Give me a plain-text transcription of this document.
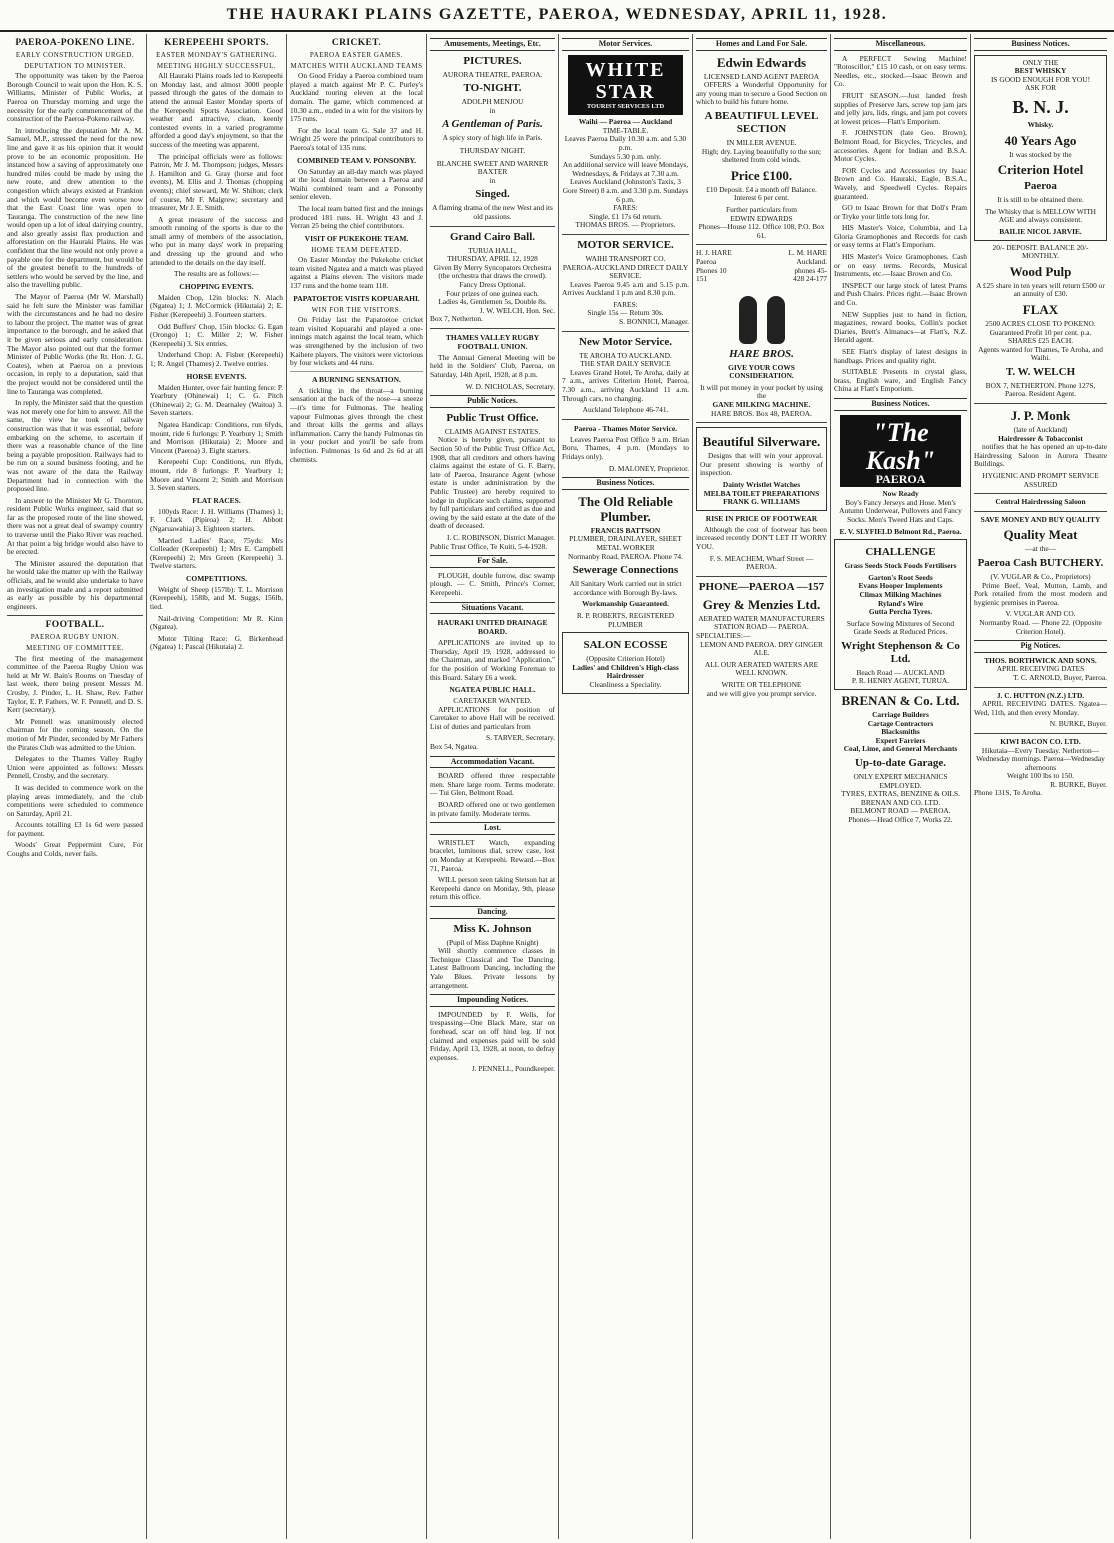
THE HAURAKI PLAINS GAZETTE, PAEROA, WEDNESDAY, APRIL 11, 1928.
PAEROA-POKENO LINE.
EARLY CONSTRUCTION URGED.
DEPUTATION TO MINISTER.

The opportunity was taken by the Paeroa Borough Council to wait upon the Hon. K. S. Williams, Minister of Public Works, at Paeroa on Thursday morning and urge the necessity for the early commencement of the construction of the Paeroa-Pokeno railway.

In introducing the deputation Mr A. M. Samuel, M.P., stressed the need for the new line and gave it as his opinion that it would prove to be an economic proposition. He instanced how a saving of approximately one hundred miles could be made by using the new route, and drew attention to the congestion which always existed at Frankton and which would become even worse now that the East Coast line was open to Tauranga. The construction of the new line would open up a lot of ideal dairying country, and also greatly assist flax production and afforestation on the Hauraki Plains. He was confident that the line would not only prove a payable one for the department, but would be of the greatest benefit to the hundreds of settlers who would be served by the line, and also the travelling public.

The Mayor of Paeroa (Mr W. Marshall) said he felt sure the Minister was familiar with the circumstances and he had no desire to labour the project. The matter was of great importance to the borough, and he asked that it be given serious and early consideration. The Mayor also pointed out that the former Minister of Public Works (the Rt. Hon. J. G. Coates), when at Paeroa on a previous occasion, in reply to a deputation, said that the project would not be considered until the line to Tauranga was completed.

In reply, the Minister said that the question was not merely one for him to answer. All the same, the view he took of railway construction was that it was essential, before embarking on the scheme, to ascertain if there was a reasonable chance of the line being a payable proposition. Railways had to be run on a sound business footing, and he was not aware of the data the Railway Department had in connection with the proposed line.

In answer to the Minister Mr G. Thornton, resident Public Works engineer, said that so far as the proposed route of the line showed, there was not a great deal of swampy country to traverse until the Piako River was reached. At that point a big bridge would also have to be erected.

The Minister assured the deputation that he would take the matter up with the Railway officials, and he would also undertake to have an investigation made and a report submitted as early as possible by his departmental engineers.

FOOTBALL.
PAEROA RUGBY UNION.
MEETING OF COMMITTEE.

The first meeting of the management committee of the Paeroa Rugby Union was held at Mr W. Bain's Rooms on Tuesday of last week, there being present Messrs M. Crosby, J. Pinder, L. H. Shaw, Rev. Father Taylor, E. P. Fathers, W. F. Pennell, and D. S. Kerr (secretary).

Mr Pennell was unanimously elected chairman for the coming season. On the motion of Mr Pinder, seconded by Mr Fathers the Pirates Club was admitted to the Union.

Delegates to the Thames Valley Rugby Union were appointed as follows: Messrs Pennell, Crosby, and the secretary.

It was decided to commence work on the playing areas immediately, and the club competitions were scheduled to commence on Saturday, April 21.

Accounts totalling £3 1s 6d were passed for payment.

Woods' Great Peppermint Cure, For Coughs and Colds, never fails.

KEREPEEHI SPORTS.
EASTER MONDAY'S GATHERING.
MEETING HIGHLY SUCCESSFUL.

All Hauraki Plains roads led to Kerepeehi on Monday last, and almost 3000 people passed through the gates of the domain to attend the annual Easter Monday sports of the Kerepeehi Sports Association. Good weather and attractive, clean, keenly contested events in a varied programme afforded a good day's enjoyment, so that the success of the meeting was apparent.

The principal officials were as follows: Patron, Mr J. M. Thompson; judges, Messrs J. Hamilton and G. Gray (horse and foot events), M. Ellis and J. Thomas (chopping events); chief steward, Mr W. Shilton; clerk of course, Mr F. Malgrew; secretary and treasurer, Mr J. E. Smith.

A great measure of the success and smooth running of the sports is due to the small army of members of the association, who put in many days' work in preparing and dressing up the ground and who attended to the details on the day itself.

The results are as follows:—

CHOPPING EVENTS.

Maiden Chop, 12in blocks: N. Alach (Ngatea) 1; J. McCormick (Hikutaia) 2; E. Fisher (Kerepeehi) 3. Fourteen starters.

Odd Buffers' Chop, 15in blocks: G. Egan (Orongo) 1; C. Miller 2; W. Fisher (Kerepeehi) 3. Six entries.

Underhand Chop: A. Fisher (Kerepeehi) 1; R. Angel (Thames) 2. Twelve entries.

HORSE EVENTS.

Maiden Hunter, over fair hunting fence: P. Yearbury (Ohinewai) 1; C. G. Pitch (Ohinewai) 2; G. M. Dearnaley (Waitoa) 3. Seven starters.

Ngatea Handicap: Conditions, run 6fyds, mount, ride 6 furlongs: P. Yearbury 1; Smith and Morrison (Hikutaia) 2; Moore and Vincent (Paeroa) 3. Eight starters.

Kerepeehi Cup: Conditions, run 8fyds, mount, ride 8 furlongs: P. Yearbury 1; Moore and Vincent 2; Smith and Morrison 3. Seven starters.

FLAT RACES.

100yds Race: J. H. Williams (Thames) 1; F. Clark (Pipiroa) 2; H. Abbott (Ngaruawahia) 3. Eighteen starters.

Married Ladies' Race, 75yds: Mrs Colleader (Kerepeehi) 1; Mrs E. Campbell (Kerepeehi) 2; Mrs Green (Kerepeehi) 3. Twelve starters.

COMPETITIONS.

Weight of Sheep (157lb): T. L. Morrison (Kerepeehi), 158lb, and M. Suggs, 156lb, tied.

Nail-driving Competition: Mr R. Kinn (Ngatea).

Motor Tilting Race: G. Birkenhead (Ngatea) 1; Pascal (Hikutaia) 2.

CRICKET.
PAEROA EASTER GAMES.
MATCHES WITH AUCKLAND TEAMS

On Good Friday a Paeroa combined team played a match against Mr P. C. Purley's Auckland touring eleven at the local domain. The game, which commenced at 10.30 a.m., ended in a win for the visitors by 175 runs.

For the local team G. Sale 37 and H. Wright 25 were the principal contributors to Paeroa's total of 135 runs.

COMBINED TEAM V. PONSONBY.

On Saturday an all-day match was played at the local domain between a Paeroa and Waihi combined team and a Ponsonby senior eleven.

The local team batted first and the innings produced 181 runs. H. Wright 43 and J. Verran 25 being the chief contributors.

VISIT OF PUKEKOHE TEAM.
HOME TEAM DEFEATED.

On Easter Monday the Pukekohe cricket team visited Ngatea and a match was played against a Plains eleven. The visitors made 137 runs and the home team 118.

PAPATOETOE VISITS KOPUARAHI.
WIN FOR THE VISITORS.

On Friday last the Papatoetoe cricket team visited Kopuarahi and played a one-innings match against the local team, which was strengthened by the inclusion of two Kaihere players. The visitors were victorious by four wickets and 44 runs.

A BURNING SENSATION.

A tickling in the throat—a burning sensation at the back of the nose—a sneeze—it's time for Fulmonas. The healing vapour Fulmonas gives through the chest and throat kills the germs and allays inflammation. Carry the handy Fulmonas tin in your pocket and you'll be safe from infection. Fulmonas 1s 6d and 2s 6d at all chemists.

Amusements, Meetings, Etc.
PICTURES.
AURORA THEATRE, PAEROA.
TO-NIGHT.
ADOLPH MENJOU
in
A Gentleman of Paris.
A spicy story of high life in Paris.
THURSDAY NIGHT.
BLANCHE SWEET AND WARNER BAXTER
in
Singed.
A flaming drama of the new West and its old passions.
Grand Cairo Ball.
TURUA HALL,
THURSDAY, APRIL 12, 1928
Given By Merry Syncopators Orchestra (the orchestra that draws the crowd).
Fancy Dress Optional.
Four prizes of one guinea each.
Ladies 4s, Gentlemen 5s, Double 8s.
J. W. WELCH, Hon. Sec.
Box 7, Netherton.
THAMES VALLEY RUGBY FOOTBALL UNION.

The Annual General Meeting will be held in the Soldiers' Club, Paeroa, on Saturday, 14th April, 1928, at 8 p.m.

W. D. NICHOLAS, Secretary.
Public Notices.
Public Trust Office.
CLAIMS AGAINST ESTATES.

Notice is hereby given, pursuant to Section 50 of the Public Trust Office Act, 1908, that all creditors and others having claims against the estate of G. F. Barry, late of Paeroa, Insurance Agent (whose estate is under administration by the Public Trustee) are hereby required to lodge in duplicate such claims, supported by full particulars and certified as due and owing by the said estate at the date of the death of deceased.

I. C. ROBINSON, District Manager.
Public Trust Office, Te Kuiti, 5-4-1928.
For Sale.

PLOUGH, double furrow, disc swamp plough. — C. Smith, Prince's Corner, Kerepeehi.

Situations Vacant.
HAURAKI UNITED DRAINAGE BOARD.

APPLICATIONS are invited up to Thursday, April 19, 1928, addressed to the Chairman, and marked "Application," for the position of Working Foreman to this Board. Salary £6 a week.

NGATEA PUBLIC HALL.
CARETAKER WANTED.

APPLICATIONS for position of Caretaker to above Hall will be received. List of duties and particulars from

S. TARVER, Secretary.
Box 54, Ngatea.
Accommodation Vacant.

BOARD offered three respectable men. Share large room. Terms moderate. — Tui Glen, Belmont Road.

BOARD offered one or two gentlemen in private family. Moderate terms.

Lost.

WRISTLET Watch, expanding bracelet, luminous dial, screw case, lost on Monday at Kerepeehi. Reward.—Box 71, Paeroa.

WILL person seen taking Stetson hat at Kerepeehi dance on Monday, 9th, please return this office.

Dancing.
Miss K. Johnson
(Pupil of Miss Daphne Knight)

Will shortly commence classes in Technique Classical and Toe Dancing. Latest Ballroom Dancing, including the Yale Blues. Private lessons by arrangement.

Impounding Notices.

IMPOUNDED by F. Wells, for trespassing—One Black Mare, star on forehead, scar on off hind leg. If not claimed and expenses paid will be sold Friday, April 13, 1928, at noon, to defray expenses.

J. PENNELL, Poundkeeper.
Motor Services.
WHITE STAR
TOURIST SERVICES LTD
Waihi — Paeroa — Auckland
TIME-TABLE.
Leaves Paeroa Daily 10.30 a.m. and 5.30 p.m.
Sundays 5.30 p.m. only.
An additional service will leave Mondays, Wednesdays, & Fridays at 7.30 a.m.
Leaves Auckland (Johnston's Taxis, 3 Gore Street) 8 a.m. and 3.30 p.m. Sundays 6 p.m.
FARES:
Single, £1 17s 6d return.
THOMAS BROS. — Proprietors.
MOTOR SERVICE.
WAIHI TRANSPORT CO.
PAEROA-AUCKLAND DIRECT DAILY SERVICE.

Leaves Paeroa 9.45 a.m and 5.15 p.m. Arrives Auckland 1 p.m and 8.30 p.m.

FARES:
Single 15s — Return 30s.
S. BONNICI, Manager.
New Motor Service.
TE AROHA TO AUCKLAND.
THE STAR DAILY SERVICE

Leaves Grand Hotel, Te Aroha, daily at 7 a.m., arrives Criterion Hotel, Paeroa, 7.30 a.m., arriving Auckland 11 a.m. Through cars, no changing.

Auckland Telephone 46-741.
Paeroa - Thames Motor Service.

Leaves Paeroa Post Office 9 a.m. Brian Boru, Thames, 4 p.m. (Mondays to Fridays only).

D. MALONEY, Proprietor.
Business Notices.
The Old Reliable Plumber.
FRANCIS BATTSON
PLUMBER, DRAINLAYER, SHEET METAL WORKER
Normanby Road, PAEROA. Phone 74.
Sewerage Connections
All Sanitary Work carried out in strict accordance with Borough By-laws.
Workmanship Guaranteed.
R. P. ROBERTS, REGISTERED PLUMBER
SALON ECOSSE
(Opposite Criterion Hotel)
Ladies' and Children's High-class Hairdresser
Cleanliness a Speciality.
Homes and Land For Sale.
Edwin Edwards
LICENSED LAND AGENT PAEROA

OFFERS a Wonderful Opportunity for any young man to secure a Good Section on which to build his future home.

A BEAUTIFUL LEVEL SECTION
IN MILLER AVENUE.
High; dry. Laying beautifully to the sun; sheltered from cold winds.
Price £100.
£10 Deposit. £4 a month off Balance. Interest 6 per cent.
Further particulars from
EDWIN EDWARDS
Phones—House 112. Office 108, P.O. Box 61.
H. J. HARE Paeroa Phones 10 151
L. M. HARE Auckland. phones 45-428 24-177
HARE BROS.
GIVE YOUR COWS CONSIDERATION.
It will put money in your pocket by using the
GANE MILKING MACHINE.
HARE BROS. Box 48, PAEROA.
Beautiful Silverware.

Designs that will win your approval. Our present showing is worthy of inspection.

Dainty Wristlet Watches
MELBA TOILET PREPARATIONS
FRANK G. WILLIAMS
RISE IN PRICE OF FOOTWEAR

Although the cost of footwear has been increased recently DON'T LET IT WORRY YOU.

F. S. MEACHEM, Wharf Street — PAEROA.
PHONE—PAEROA —157
Grey & Menzies Ltd.
AERATED WATER MANUFACTURERS
STATION ROAD — PAEROA.
SPECIALTIES:—
LEMON AND PAEROA. DRY GINGER ALE.
ALL OUR AERATED WATERS ARE WELL KNOWN.
WRITE OR TELEPHONE
and we will give you prompt service.
Miscellaneous.

A PERFECT Sewing Machine! "Rotoscillor," £15 10 cash, or on easy terms. Needles, etc., stocked.—Isaac Brown and Co.

FRUIT SEASON.—Just landed fresh supplies of Preserve Jars, screw top jam jars and jelly jars, lids, rings, and jam pot covers at lowest prices—Flatt's Emporium.

F. JOHNSTON (late Geo. Brown), Belmont Road, for Bicycles, Tricycles, and accessories. Agent for Indian and B.S.A. Motor Cycles.

FOR Cycles and Accessories try Isaac Brown and Co. Hauraki, Eagle, B.S.A., Wavely, and Speedwell Cycles. Repairs guaranteed.

GO to Isaac Brown for that Doll's Pram or Tryke your little tots long for.

HIS Master's Voice, Columbia, and La Gloria Gramophones and Records for cash or easy terms at Flatt's Emporium.

HIS Master's Voice Gramophones. Cash or on easy terms. Records, Musical Instruments, etc.—Isaac Brown and Co.

INSPECT our large stock of latest Prams and Push Chairs. Prices right.—Isaac Brown and Co.

NEW Supplies just to hand in fiction, magazines, reward books, Collin's pocket Diaries, Brett's Almanacs—at Flatt's, N.Z. Herald agent.

SEE Flatt's display of latest designs in handbags. Prices and quality right.

SUITABLE Presents in crystal glass, brass, English ware, and English Fancy China at Flatt's Emporium.

Business Notices.
"The Kash"
PAEROA
Now Ready

Boy's Fancy Jerseys and Hose. Men's Autumn Underwear, Pullovers and Fancy Socks. Men's Tweed Hats and Caps.

E. V. SLYFIELD Belmont Rd., Paeroa.
CHALLENGE
Grass Seeds Stock Foods Fertilisers
Garton's Root Seeds
Evans Hooper Implements
Climax Milking Machines
Ryland's Wire
Gutta Percha Tyres.
Surface Sowing Mixtures of Second Grade Seeds at Reduced Prices.
Wright Stephenson & Co Ltd.
Beach Road — AUCKLAND
P. R. HENRY AGENT, TURUA.
BRENAN & Co. Ltd.
Carriage Builders
Cartage Contractors
Blacksmiths
Expert Farriers
Coal, Lime, and General Merchants
Up-to-date Garage.
ONLY EXPERT MECHANICS EMPLOYED.
TYRES, EXTRAS, BENZINE & OILS.
BRENAN AND CO. LTD.
BELMONT ROAD — PAEROA.
Phones—Head Office 7, Works 22.
Business Notices.
ONLY THE
BEST WHISKY
IS GOOD ENOUGH FOR YOU!
ASK FOR
B. N. J.
Whisky.
40 Years Ago
It was stocked by the
Criterion Hotel
Paeroa
It is still to be obtained there.
The Whisky that is MELLOW WITH AGE and always consistent.
BAILIE NICOL JARVIE.
20/- DEPOSIT. BALANCE 20/- MONTHLY.
Wood Pulp
A £25 share in ten years will return £500 or an annuity of £30.
FLAX
2500 ACRES CLOSE TO POKENO.
Guaranteed Profit 10 per cent. p.a.
SHARES £25 EACH.
Agents wanted for Thames, Te Aroha, and Waihi.
T. W. WELCH
BOX 7, NETHERTON. Phone 127S, Paeroa. Resident Agent.
J. P. Monk
(late of Auckland)
Hairdresser & Tobacconist

notifies that he has opened an up-to-date Hairdressing Saloon in Aurora Theatre Buildings.

HYGIENIC AND PROMPT SERVICE ASSURED
Central Hairdressing Saloon
SAVE MONEY AND BUY QUALITY
Quality Meat
—at the—
Paeroa Cash BUTCHERY.
(V. VUGLAR & Co., Proprietors)

Prime Beef, Veal, Mutton, Lamb, and Pork retailed from the most modern and hygienic premises in Paeroa.

V. VUGLAR AND CO.
Normanby Road. — Phone 22. (Opposite Criterion Hotel).
Pig Notices.
THOS. BORTHWICK AND SONS.
APRIL RECEIVING DATES
T. C. ARNOLD, Buyer, Paeroa.
J. C. HUTTON (N.Z.) LTD.

APRIL RECEIVING DATES. Ngatea—Wed, 11th, and then every Monday.

N. BURKE, Buyer.
KIWI BACON CO. LTD.
Hikutaia—Every Tuesday. Netherton—Wednesday mornings. Paeroa—Wednesday afternoons
Weight 100 lbs to 150.
R. BURKE, Buyer.
Phone 131S, Te Aroha.
